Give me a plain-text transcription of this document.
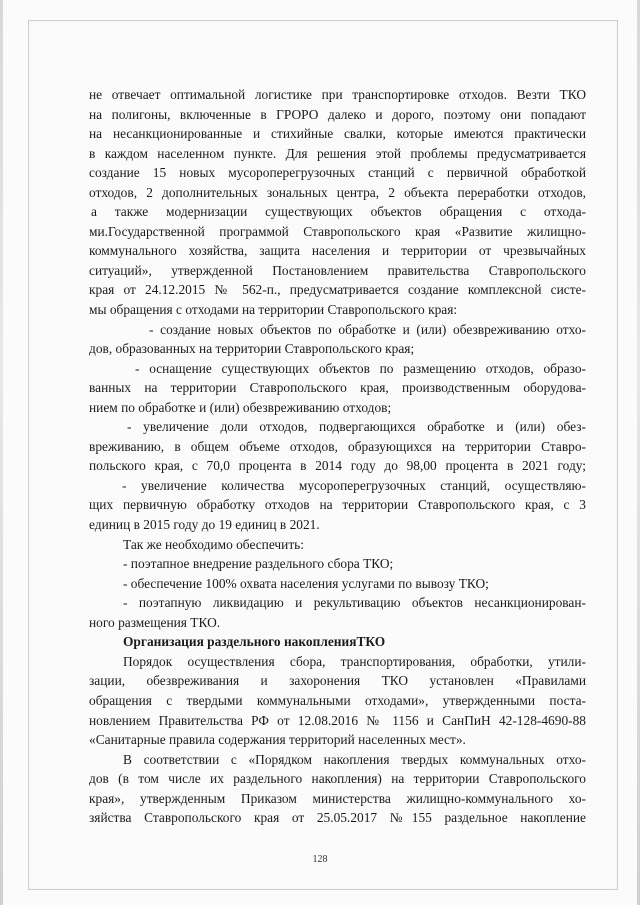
не отвечает оптимальной логистике при транспортировке отходов. Везти ТКО
на полигоны, включенные в ГРОРО далеко и дорого, поэтому они попадают
на несанкционированные и стихийные свалки, которые имеются практически
в каждом населенном пункте. Для решения этой проблемы предусматривается
создание 15 новых мусороперегрузочных станций с первичной обработкой
отходов, 2 дополнительных зональных центра, 2 объекта переработки отходов,
а также модернизации существующих объектов обращения с отхода-
ми.Государственной программой Ставропольского края «Развитие жилищно-
коммунального хозяйства, защита населения и территории от чрезвычайных
ситуаций», утвержденной Постановлением правительства Ставропольского
края от 24.12.2015 № 562-п., предусматривается создание комплексной систе-
мы обращения с отходами на территории Ставропольского края:
- создание новых объектов по обработке и (или) обезвреживанию отхо-
дов, образованных на территории Ставропольского края;
- оснащение существующих объектов по размещению отходов, образо-
ванных на территории Ставропольского края, производственным оборудова-
нием по обработке и (или) обезвреживанию отходов;
- увеличение доли отходов, подвергающихся обработке и (или) обез-
вреживанию, в общем объеме отходов, образующихся на территории Ставро-
польского края, с 70,0 процента в 2014 году до 98,00 процента в 2021 году;
- увеличение количества мусороперегрузочных станций, осуществляю-
щих первичную обработку отходов на территории Ставропольского края, с 3
единиц в 2015 году до 19 единиц в 2021.
Так же необходимо обеспечить:
- поэтапное внедрение раздельного сбора ТКО;
- обеспечение 100% охвата населения услугами по вывозу ТКО;
- поэтапную ликвидацию и рекультивацию объектов несанкционирован-
ного размещения ТКО.
Организация раздельного накопленияТКО
Порядок осуществления сбора, транспортирования, обработки, утили-
зации, обезвреживания и захоронения ТКО установлен «Правилами
обращения с твердыми коммунальными отходами», утвержденными поста-
новлением Правительства РФ от 12.08.2016 № 1156 и СанПиН 42-128-4690-88
«Санитарные правила содержания территорий населенных мест».
В соответствии с «Порядком накопления твердых коммунальных отхо-
дов (в том числе их раздельного накопления) на территории Ставропольского
края», утвержденным Приказом министерства жилищно-коммунального хо-
зяйства Ставропольского края от 25.05.2017 №155 раздельное накопление
128
